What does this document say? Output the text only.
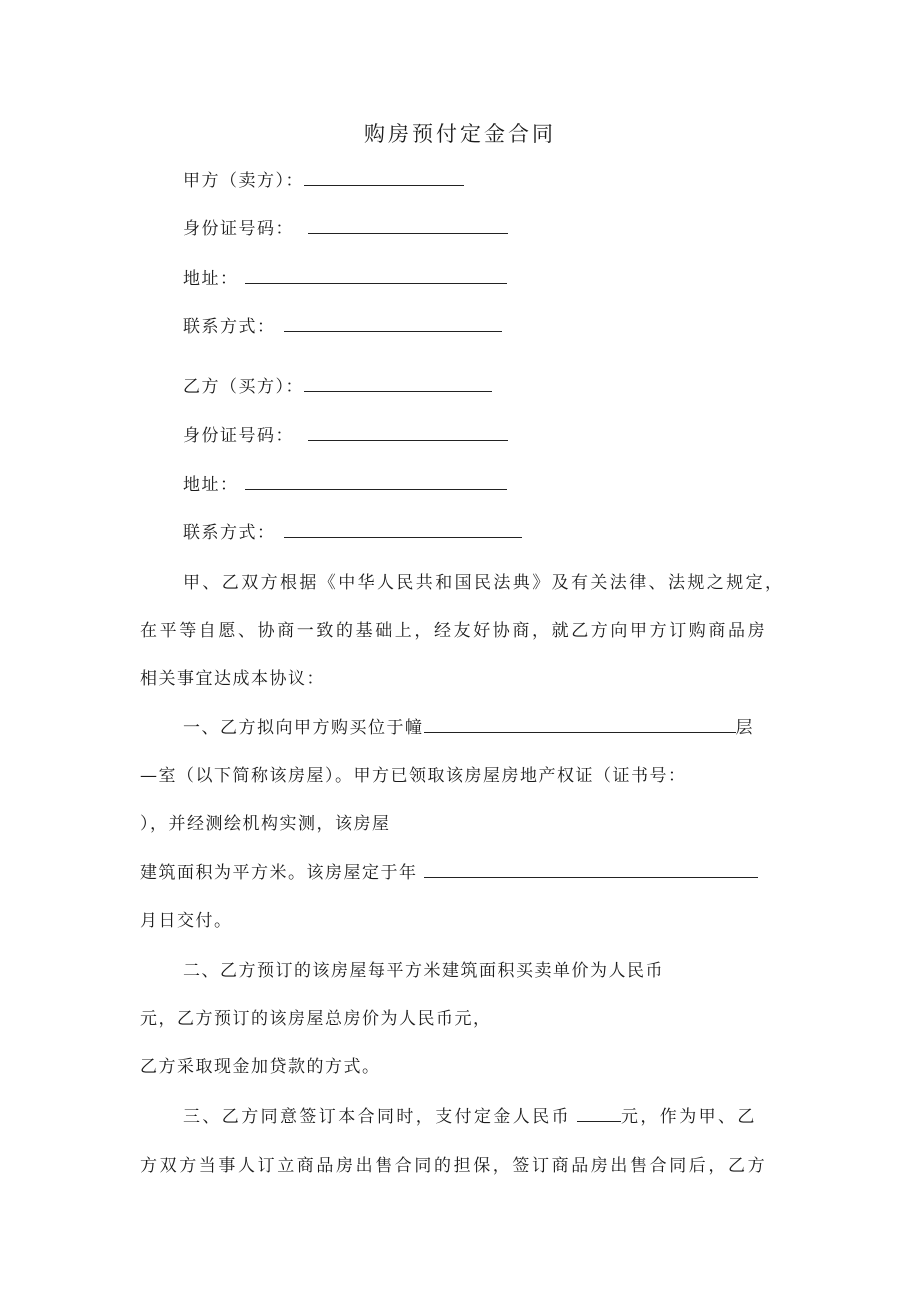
购房预付定金合同
甲方（卖方）：
身份证号码：
地址：
联系方式：
乙方（买方）：
身份证号码：
地址：
联系方式：
甲、乙双方根据《中华人民共和国民法典》及有关法律、法规之规定，
在平等自愿、协商一致的基础上，经友好协商，就乙方向甲方订购商品房
相关事宜达成本协议：
一、乙方拟向甲方购买位于幢	层
—室（以下简称该房屋）。甲方已领取该房屋房地产权证（证书号：
），并经测绘机构实测，该房屋
建筑面积为平方米。该房屋定于年
月日交付。
二、乙方预订的该房屋每平方米建筑面积买卖单价为人民币
元，乙方预订的该房屋总房价为人民币元，
乙方采取现金加贷款的方式。
三、乙方同意签订本合同时，支付定金人民币	元，作为甲、乙
方双方当事人订立商品房出售合同的担保，签订商品房出售合同后，乙方
